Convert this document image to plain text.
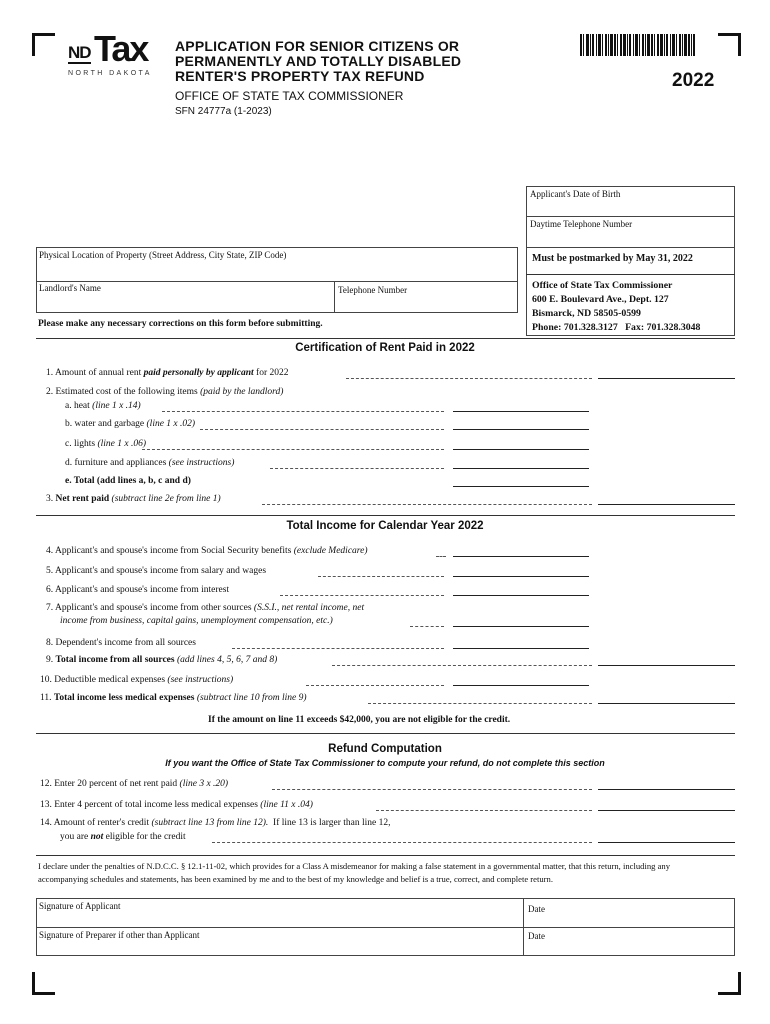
ND Tax
NORTH DAKOTA
APPLICATION FOR SENIOR CITIZENS OR
PERMANENTLY AND TOTALLY DISABLED
RENTER'S PROPERTY TAX REFUND
OFFICE OF STATE TAX COMMISSIONER
SFN 24777a (1-2023)
2022
Applicant's Date of Birth
Daytime Telephone Number
Physical Location of Property (Street Address, City State, ZIP Code)
Landlord's Name	Telephone Number
Please make any necessary corrections on this form before submitting.
Must be postmarked by May 31, 2022
Office of State Tax Commissioner
600 E. Boulevard Ave., Dept. 127
Bismarck, ND 58505-0599
Phone: 701.328.3127   Fax: 701.328.3048
Certification of Rent Paid in 2022
1. Amount of annual rent paid personally by applicant for 2022
2. Estimated cost of the following items (paid by the landlord)
a. heat (line 1 x .14)
b. water and garbage (line 1 x .02)
c. lights (line 1 x .06)
d. furniture and appliances (see instructions)
e. Total (add lines a, b, c and d)
3. Net rent paid (subtract line 2e from line 1)
Total Income for Calendar Year 2022
4. Applicant's and spouse's income from Social Security benefits (exclude Medicare)
5. Applicant's and spouse's income from salary and wages
6. Applicant's and spouse's income from interest
7. Applicant's and spouse's income from other sources (S.S.I., net rental income, net
income from business, capital gains, unemployment compensation, etc.)
8. Dependent's income from all sources
9. Total income from all sources (add lines 4, 5, 6, 7 and 8)
10. Deductible medical expenses (see instructions)
11. Total income less medical expenses (subtract line 10 from line 9)
If the amount on line 11 exceeds $42,000, you are not eligible for the credit.
Refund Computation
If you want the Office of State Tax Commissioner to compute your refund, do not complete this section
12. Enter 20 percent of net rent paid (line 3 x .20)
13. Enter 4 percent of total income less medical expenses (line 11 x .04)
14. Amount of renter's credit (subtract line 13 from line 12).  If line 13 is larger than line 12,
you are not eligible for the credit
I declare under the penalties of N.D.C.C. § 12.1-11-02, which provides for a Class A misdemeanor for making a false statement in a governmental matter, that this return, including any accompanying schedules and statements, has been examined by me and to the best of my knowledge and belief is a true, correct, and complete return.
Signature of Applicant	Date
Signature of Preparer if other than Applicant	Date
